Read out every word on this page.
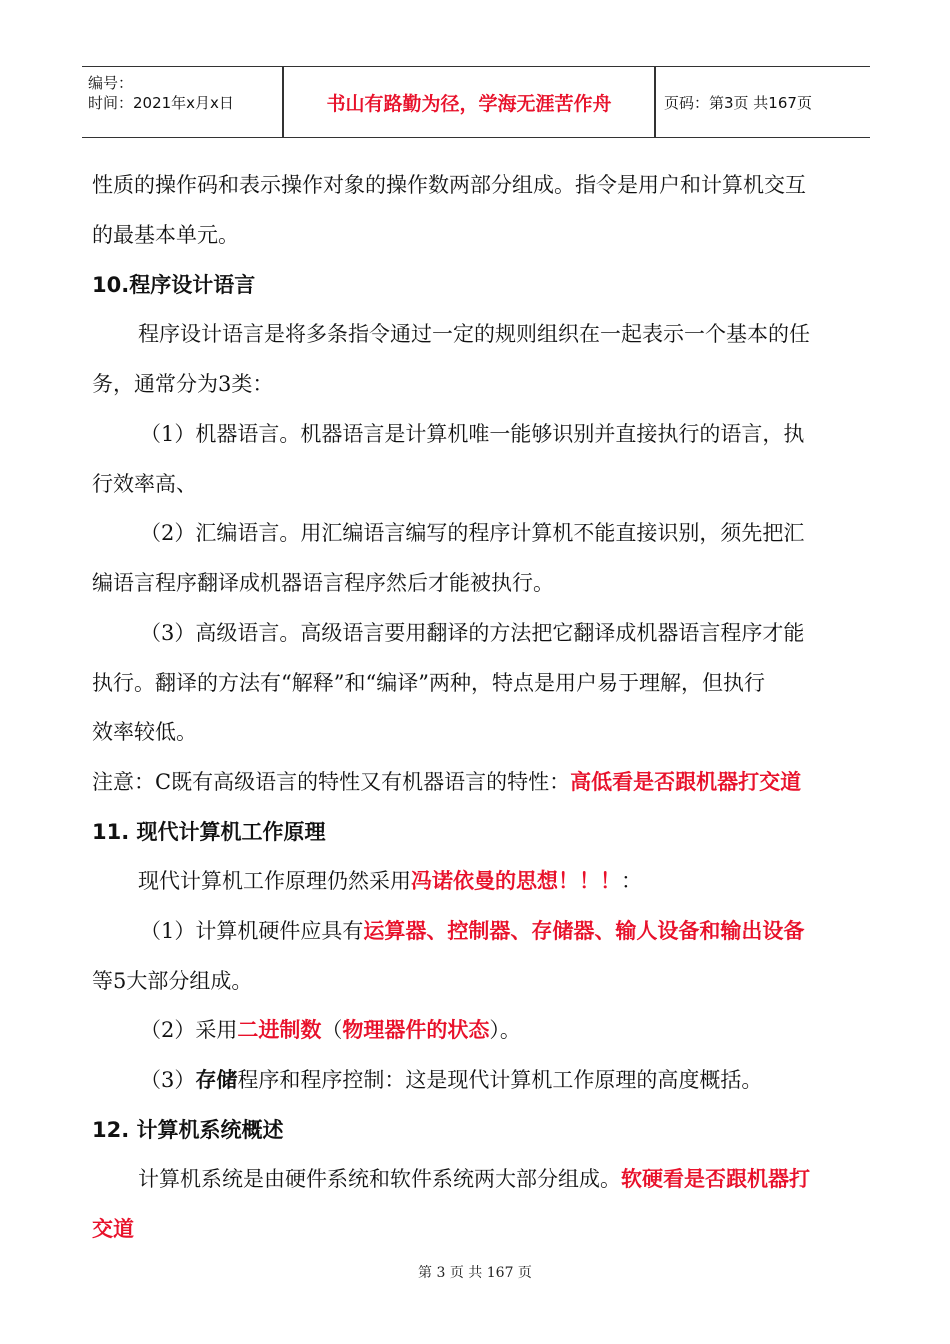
编号：
时间：2021年x月x日	书山有路勤为径，学海无涯苦作舟	页码：第3页 共167页
性质的操作码和表示操作对象的操作数两部分组成。指令是用户和计算机交互
的最基本单元。
10.程序设计语言
程序设计语言是将多条指令通过一定的规则组织在一起表示一个基本的任
务，通常分为3类：
（1）机器语言。机器语言是计算机唯一能够识别并直接执行的语言，执
行效率高、
（2）汇编语言。用汇编语言编写的程序计算机不能直接识别，须先把汇
编语言程序翻译成机器语言程序然后才能被执行。
（3）高级语言。高级语言要用翻译的方法把它翻译成机器语言程序才能
执行。翻译的方法有“解释”和“编译”两种，特点是用户易于理解，但执行
效率较低。
注意：C既有高级语言的特性又有机器语言的特性：高低看是否跟机器打交道
11. 现代计算机工作原理
现代计算机工作原理仍然采用冯诺依曼的思想！！！：
（1）计算机硬件应具有运算器、控制器、存储器、输人设备和输出设备
等5大部分组成。
（2）采用二进制数（物理器件的状态）。
（3）存储程序和程序控制：这是现代计算机工作原理的高度概括。
12. 计算机系统概述
计算机系统是由硬件系统和软件系统两大部分组成。软硬看是否跟机器打
交道
第 3 页 共 167 页
